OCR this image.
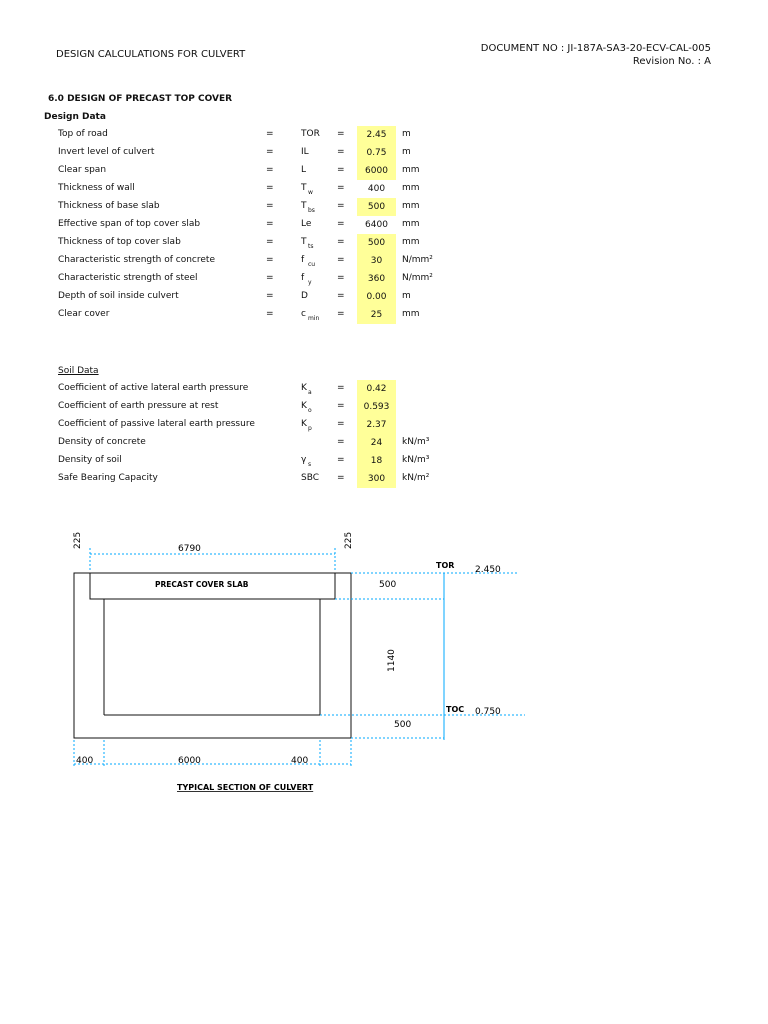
DESIGN CALCULATIONS FOR CULVERT
DOCUMENT NO : JI-187A-SA3-20-ECV-CAL-005
Revision No. : A
6.0 DESIGN OF PRECAST TOP COVER
Design Data
Top of road	=	TOR =	2.45	m
Invert level of culvert	=	IL	=	0.75	m
Clear span	=	L	=	6000	mm
Thickness of wall	=	T w	=	400	mm
Thickness of base slab	=	T bs =	500	mm
Effective span of top cover slab	=	Le	=	6400	mm
Thickness of top cover slab	=	T ts	=	500	mm
Characteristic strength of concrete	=	f cu =	30	N/mm²
Characteristic strength of steel	=	f y	=	360	N/mm²
Depth of soil inside culvert	=	D	=	0.00	m
Clear cover	=	c min =	25	mm
Soil Data
Coefficient of active lateral earth pressure	K a	=	0.42
Coefficient of earth pressure at rest	K o	=	0.593
Coefficient of passive lateral earth pressure	K p	=	2.37
Density of concrete	=	24	kN/m³
Density of soil	γ s	=	18	kN/m³
Safe Bearing Capacity	SBC =	300	kN/m²
225	6790	225
PRECAST COVER SLAB	500
1140
500
TOR 2.450
TOC 0.750
400	6000	400
TYPICAL SECTION OF CULVERT
